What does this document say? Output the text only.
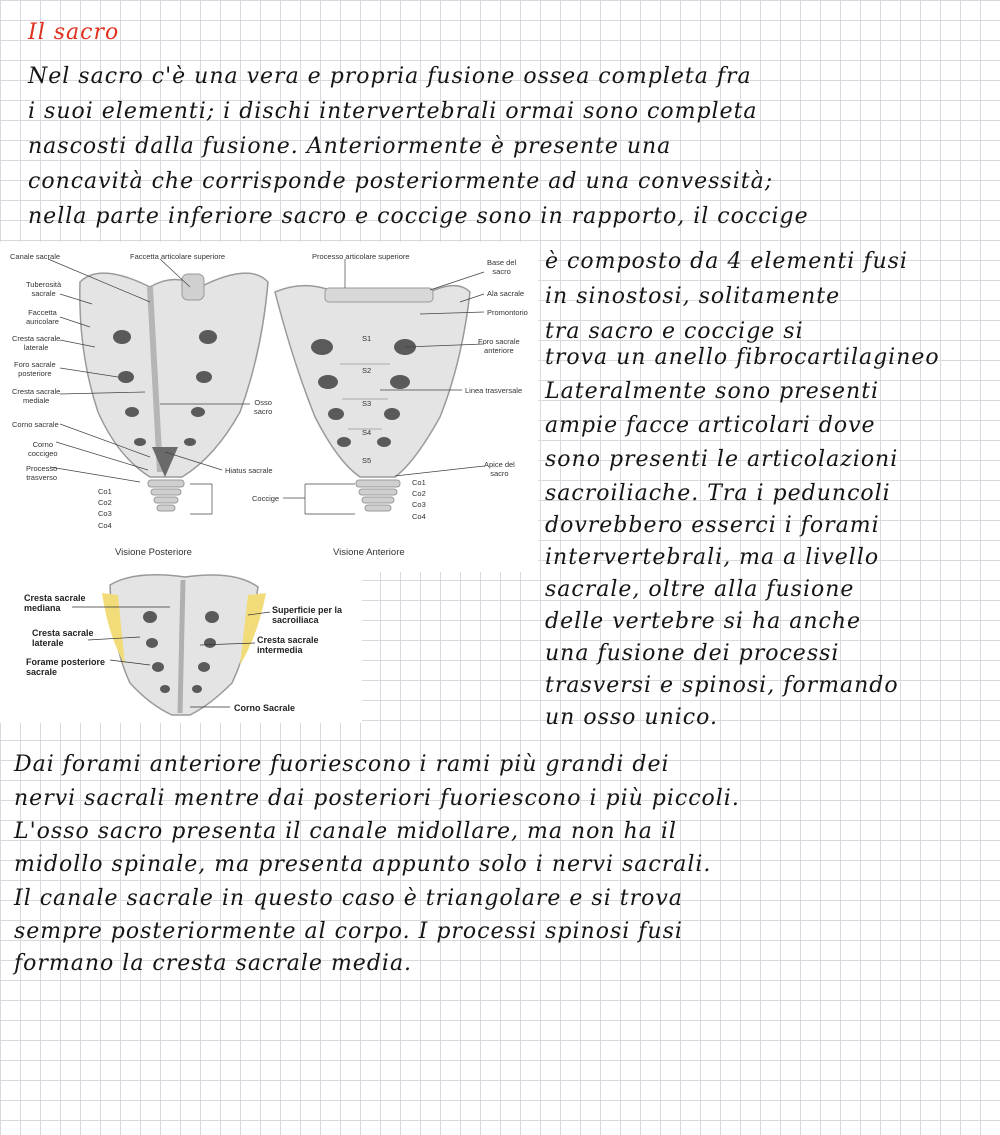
Il sacro
Nel sacro c'è una vera e propria fusione ossea completa fra
i suoi elementi; i dischi intervertebrali ormai sono completa
nascosti dalla fusione. Anteriormente è presente una
concavità che corrisponde posteriormente ad una convessità;
nella parte inferiore sacro e coccige sono in rapporto, il coccige
Canale sacrale	Faccetta articolare superiore
Tuberosità
sacrale
Faccetta
auricolare
Cresta sacrale
laterale
Foro sacrale
posteriore
Cresta sacrale
mediale
Corno sacrale
Corno
coccigeo
Processo
trasverso
Osso
sacro
Hiatus sacrale
Coccige
Co1
Co2
Co3
Co4
Processo articolare superiore
Base del
sacro
Ala sacrale
Promontorio
Foro sacrale
anteriore
Linea trasversale
Apice del
sacro
S1
S2
S3
S4
S5
Co1
Co2
Co3
Co4
Visione Posteriore	Visione Anteriore
Cresta sacrale
mediana
Cresta sacrale
laterale
Forame posteriore
sacrale
Superficie per la
sacroiliaca
Cresta sacrale
intermedia
Corno Sacrale
è composto da 4 elementi fusi
in sinostosi, solitamente
tra sacro e coccige si
trova un anello fibrocartilagineo
Lateralmente sono presenti
ampie facce articolari dove
sono presenti le articolazioni
sacroiliache. Tra i peduncoli
dovrebbero esserci i forami
intervertebrali, ma a livello
sacrale, oltre alla fusione
delle vertebre si ha anche
una fusione dei processi
trasversi e spinosi, formando
un osso unico.
Dai forami anteriore fuoriescono i rami più grandi dei
nervi sacrali mentre dai posteriori fuoriescono i più piccoli.
L'osso sacro presenta il canale midollare, ma non ha il
midollo spinale, ma presenta appunto solo i nervi sacrali.
Il canale sacrale in questo caso è triangolare e si trova
sempre posteriormente al corpo. I processi spinosi fusi
formano la cresta sacrale media.
